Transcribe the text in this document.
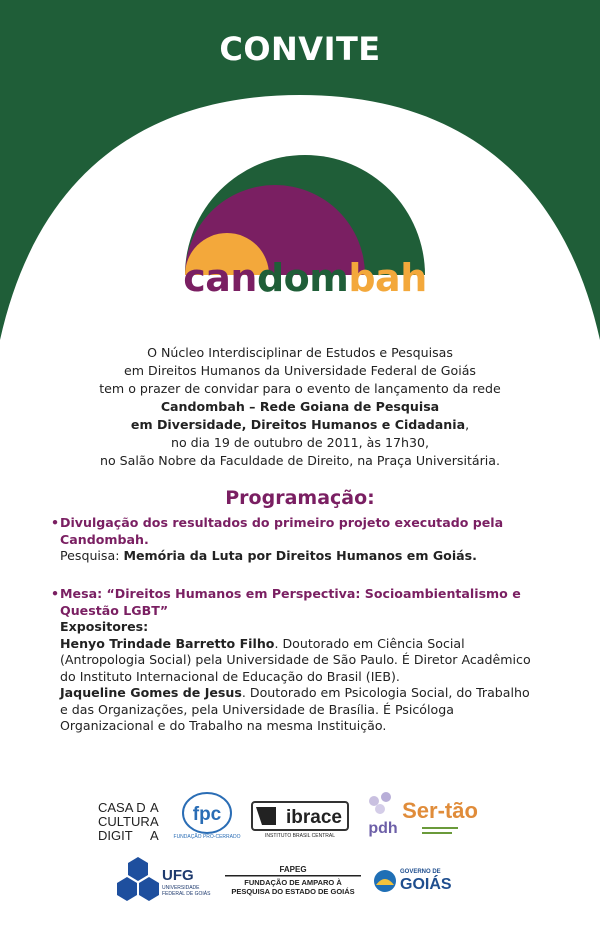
CONVITE
candombah

O Núcleo Interdisciplinar de Estudos e Pesquisas

em Direitos Humanos da Universidade Federal de Goiás

tem o prazer de convidar para o evento de lançamento da rede

Candombah – Rede Goiana de Pesquisa

em Diversidade, Direitos Humanos e Cidadania,

no dia 19 de outubro de 2011, às 17h30,

no Salão Nobre da Faculdade de Direito, na Praça Universitária.

Programação:

• Divulgação dos resultados do primeiro projeto executado pela Candombah.

Pesquisa: Memória da Luta por Direitos Humanos em Goiás.

• Mesa: “Direitos Humanos em Perspectiva: Socioambientalismo e Questão LGBT”

Expositores:

Henyo Trindade Barretto Filho. Doutorado em Ciência Social (Antropologia Social) pela Universidade de São Paulo. É Diretor Acadêmico do Instituto Internacional de Educação do Brasil (IEB).

Jaqueline Gomes de Jesus. Doutorado em Psicologia Social, do Trabalho e das Organizações, pela Universidade de Brasília. É Psicóloga Organizacional e do Trabalho na mesma Instituição.

CASA D
CULTUR
DIGIT
A
A
A
fpc
FUNDAÇÃO PRÓ-CERRADO
ibrace
INSTITUTO BRASIL CENTRAL pdh
Ser-tão
UFG
UNIVERSIDADE
FEDERAL DE GOIÁS
FAPEG
FUNDAÇÃO DE AMPARO À
PESQUISA DO ESTADO DE GOIÁS
GOVERNO DE
GOIÁS
